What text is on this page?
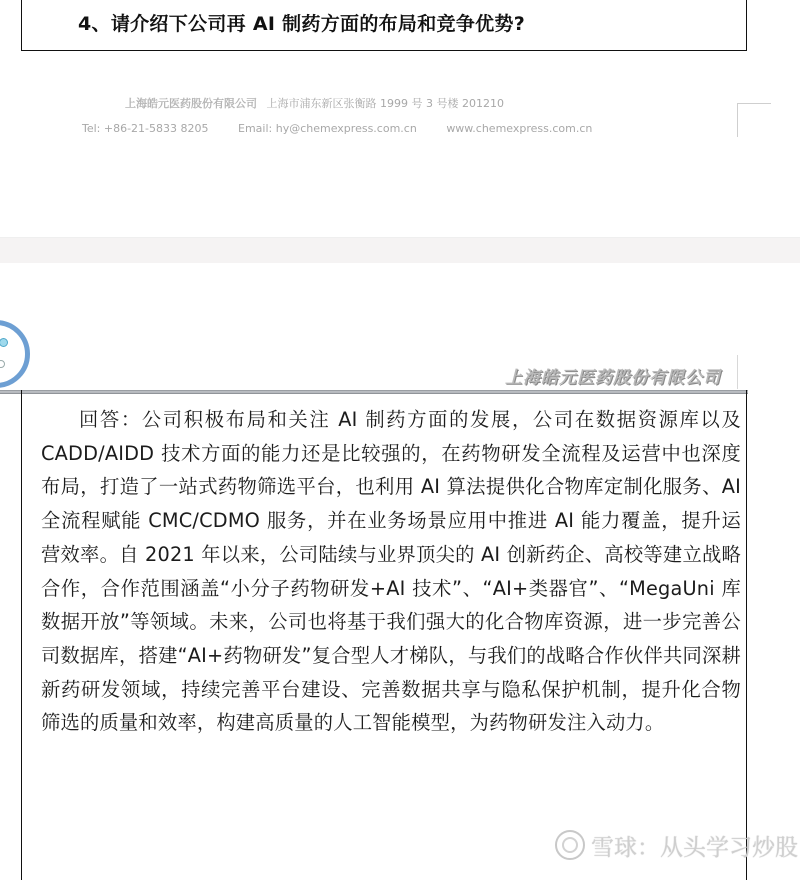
4、请介绍下公司再 AI 制药方面的布局和竞争优势?
上海皓元医药股份有限公司 上海市浦东新区张衡路 1999 号 3 号楼 201210
Tel: +86-21-5833 8205	Email: hy@chemexpress.com.cn	www.chemexpress.com.cn
上海皓元医药股份有限公司
回答：公司积极布局和关注 AI 制药方面的发展，公司在数据资源库以及 CADD/AIDD 技术方面的能力还是比较强的，在药物研发全流程及运营中也深度布局，打造了一站式药物筛选平台，也利用 AI 算法提供化合物库定制化服务、AI 全流程赋能 CMC/CDMO 服务，并在业务场景应用中推进 AI 能力覆盖，提升运营效率。自 2021 年以来，公司陆续与业界顶尖的 AI 创新药企、高校等建立战略合作，合作范围涵盖“小分子药物研发+AI 技术”、“AI+类器官”、“MegaUni 库数据开放”等领域。未来，公司也将基于我们强大的化合物库资源，进一步完善公司数据库，搭建“AI+药物研发”复合型人才梯队，与我们的战略合作伙伴共同深耕新药研发领域，持续完善平台建设、完善数据共享与隐私保护机制，提升化合物筛选的质量和效率，构建高质量的人工智能模型，为药物研发注入动力。
雪球：从头学习炒股
